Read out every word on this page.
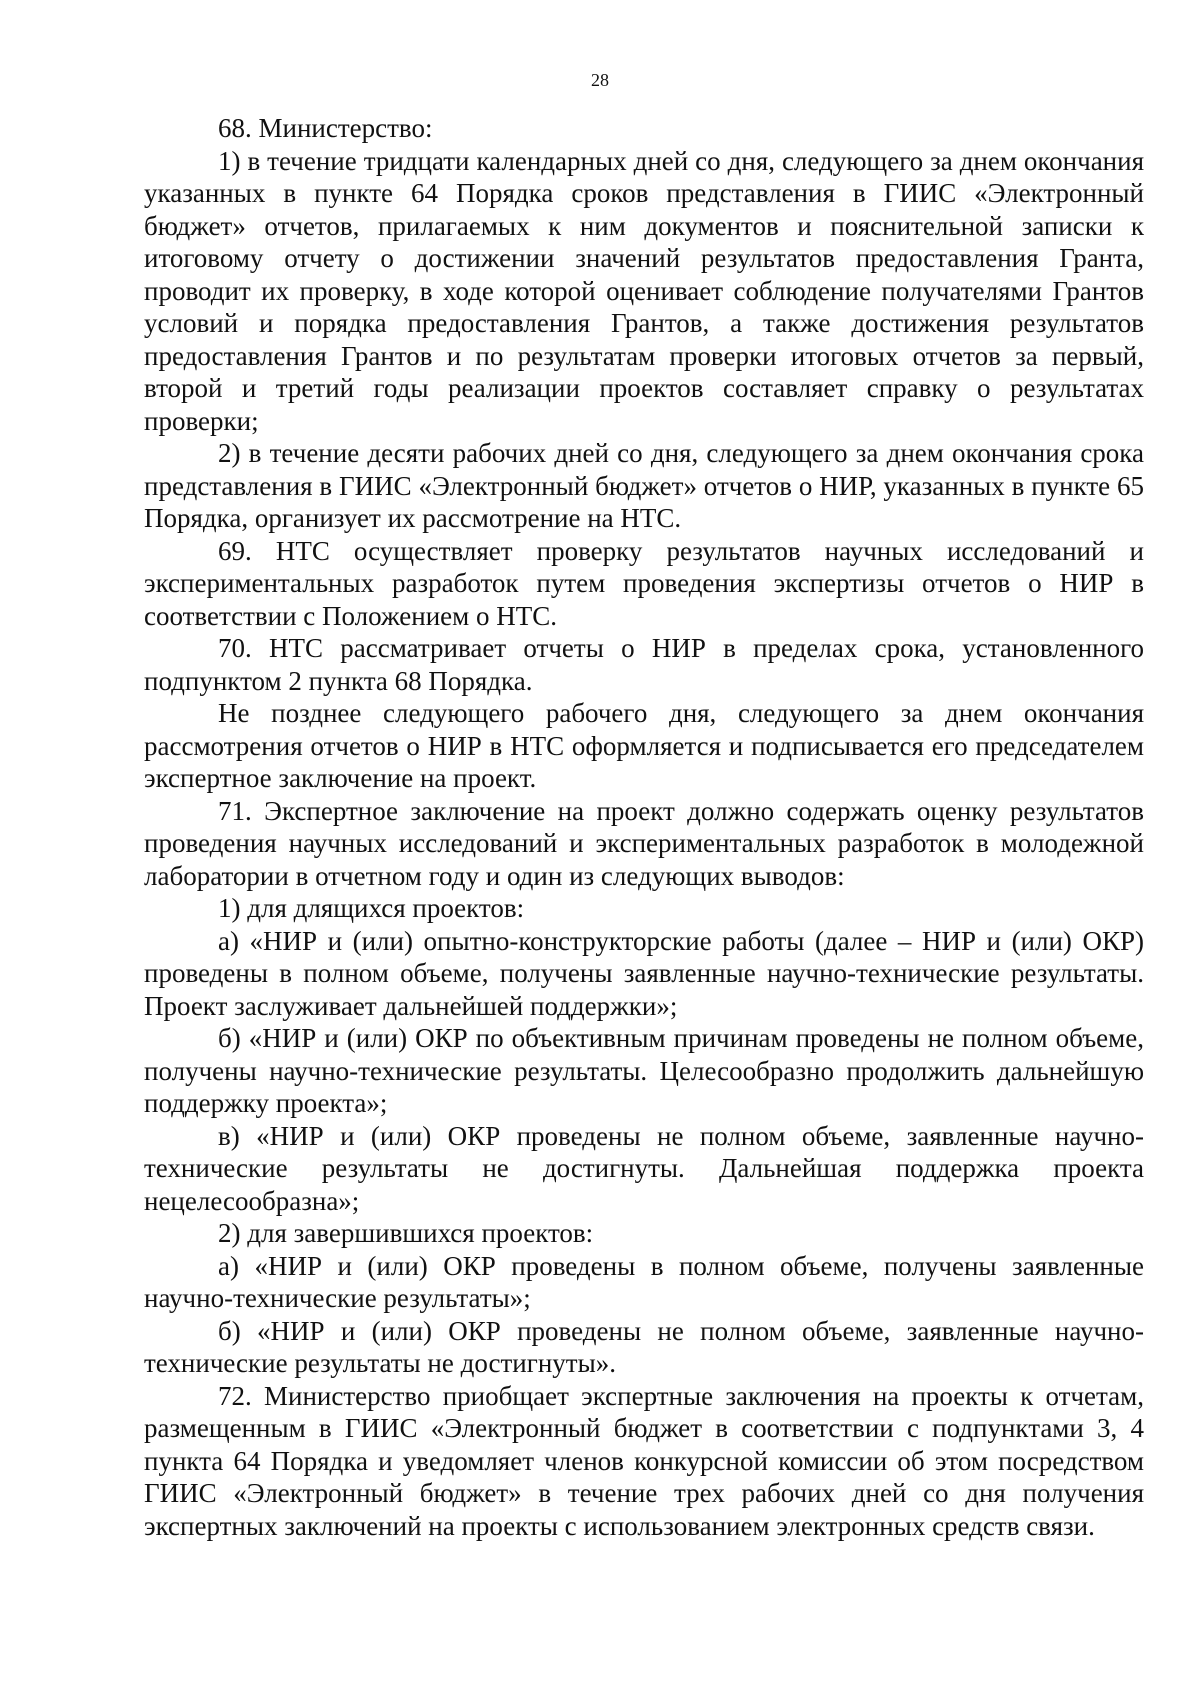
28

68. Министерство:

1) в течение тридцати календарных дней со дня, следующего за днем окончания указанных в пункте 64 Порядка сроков представления в ГИИС «Электронный бюджет» отчетов, прилагаемых к ним документов и пояснительной записки к итоговому отчету о достижении значений результатов предоставления Гранта, проводит их проверку, в ходе которой оценивает соблюдение получателями Грантов условий и порядка предоставления Грантов, а также достижения результатов предоставления Грантов и по результатам проверки итоговых отчетов за первый, второй и третий годы реализации проектов составляет справку о результатах проверки;

2) в течение десяти рабочих дней со дня, следующего за днем окончания срока представления в ГИИС «Электронный бюджет» отчетов о НИР, указанных в пункте 65 Порядка, организует их рассмотрение на НТС.

69. НТС осуществляет проверку результатов научных исследований и экспериментальных разработок путем проведения экспертизы отчетов о НИР в соответствии с Положением о НТС.

70. НТС рассматривает отчеты о НИР в пределах срока, установленного подпунктом 2 пункта 68 Порядка.

Не позднее следующего рабочего дня, следующего за днем окончания рассмотрения отчетов о НИР в НТС оформляется и подписывается его председателем экспертное заключение на проект.

71. Экспертное заключение на проект должно содержать оценку результатов проведения научных исследований и экспериментальных разработок в молодежной лаборатории в отчетном году и один из следующих выводов:

1) для длящихся проектов:

а) «НИР и (или) опытно-конструкторские работы (далее – НИР и (или) ОКР) проведены в полном объеме, получены заявленные научно-технические результаты. Проект заслуживает дальнейшей поддержки»;

б) «НИР и (или) ОКР по объективным причинам проведены не полном объеме, получены научно-технические результаты. Целесообразно продолжить дальнейшую поддержку проекта»;

в) «НИР и (или) ОКР проведены не полном объеме, заявленные научно-технические результаты не достигнуты. Дальнейшая поддержка проекта нецелесообразна»;

2) для завершившихся проектов:

а) «НИР и (или) ОКР проведены в полном объеме, получены заявленные научно-технические результаты»;

б) «НИР и (или) ОКР проведены не полном объеме, заявленные научно-технические результаты не достигнуты».

72. Министерство приобщает экспертные заключения на проекты к отчетам, размещенным в ГИИС «Электронный бюджет в соответствии с подпунктами 3, 4 пункта 64 Порядка и уведомляет членов конкурсной комиссии об этом посредством ГИИС «Электронный бюджет» в течение трех рабочих дней со дня получения экспертных заключений на проекты с использованием электронных средств связи.
